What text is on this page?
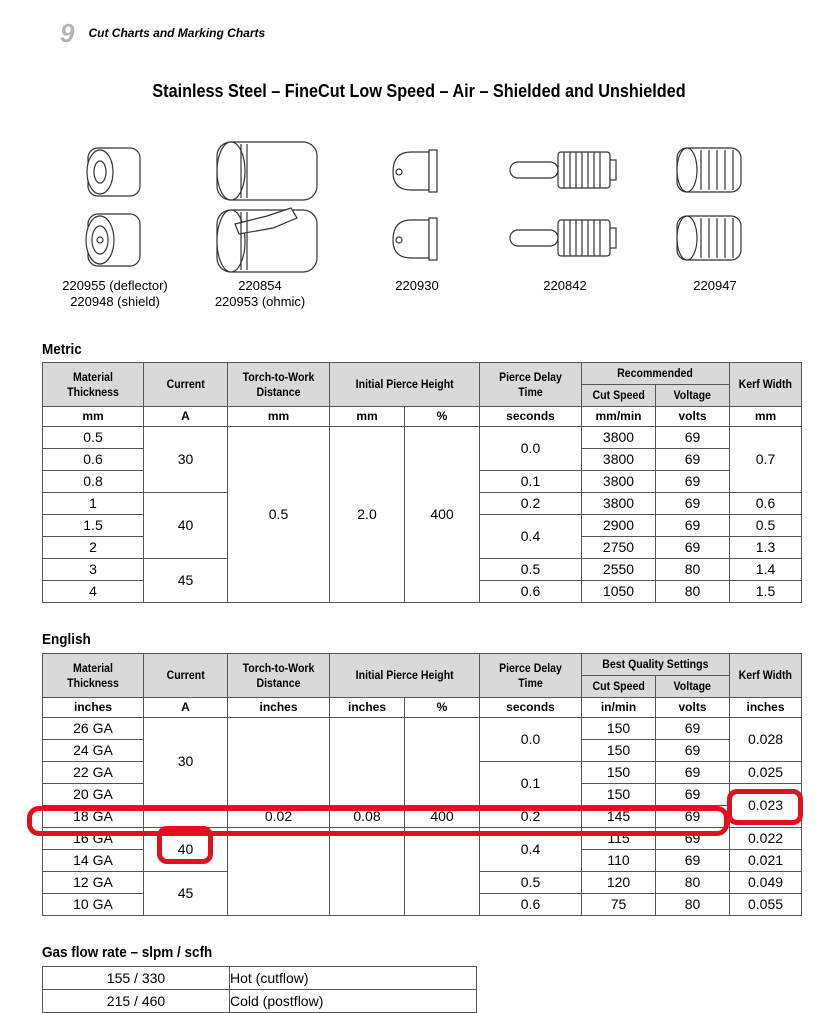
9 Cut Charts and Marking Charts
Stainless Steel – FineCut Low Speed – Air – Shielded and Unshielded
220955 (deflector)
220948 (shield)
220854
220953 (ohmic)
220930	220842	220947
Metric
Material Thickness	Current	Torch-to-Work Distance	Initial Pierce Height		Pierce Delay Time	Recommended		Kerf Width
						Cut Speed	Voltage	
mm	A	mm	mm	%	seconds	mm/min	volts	mm
0.5	30	0.5	2.0	400	0.0	3800	69	0.7
0.6						3800	69	
0.8					0.1	3800	69	
1	40				0.2	3800	69	0.6
1.5					0.4	2900	69	0.5
2						2750	69	1.3
3	45				0.5	2550	80	1.4
4					0.6	1050	80	1.5
English
Material Thickness	Current	Torch-to-Work Distance	Initial Pierce Height		Pierce Delay Time	Best Quality Settings		Kerf Width
						Cut Speed	Voltage	
inches	A	inches	inches	%	seconds	in/min	volts	inches
26 GA	30				0.0	150	69	0.028
24 GA						150	69	
22 GA					0.1	150	69	0.025
20 GA						150	69	0.023
18 GA		0.02	0.08	400	0.2	145	69	
16 GA	40				0.4	115	69	0.022
14 GA						110	69	0.021
12 GA	45				0.5	120	80	0.049
10 GA					0.6	75	80	0.055
Gas flow rate – slpm / scfh
155 / 330	Hot (cutflow)
215 / 460	Cold (postflow)
